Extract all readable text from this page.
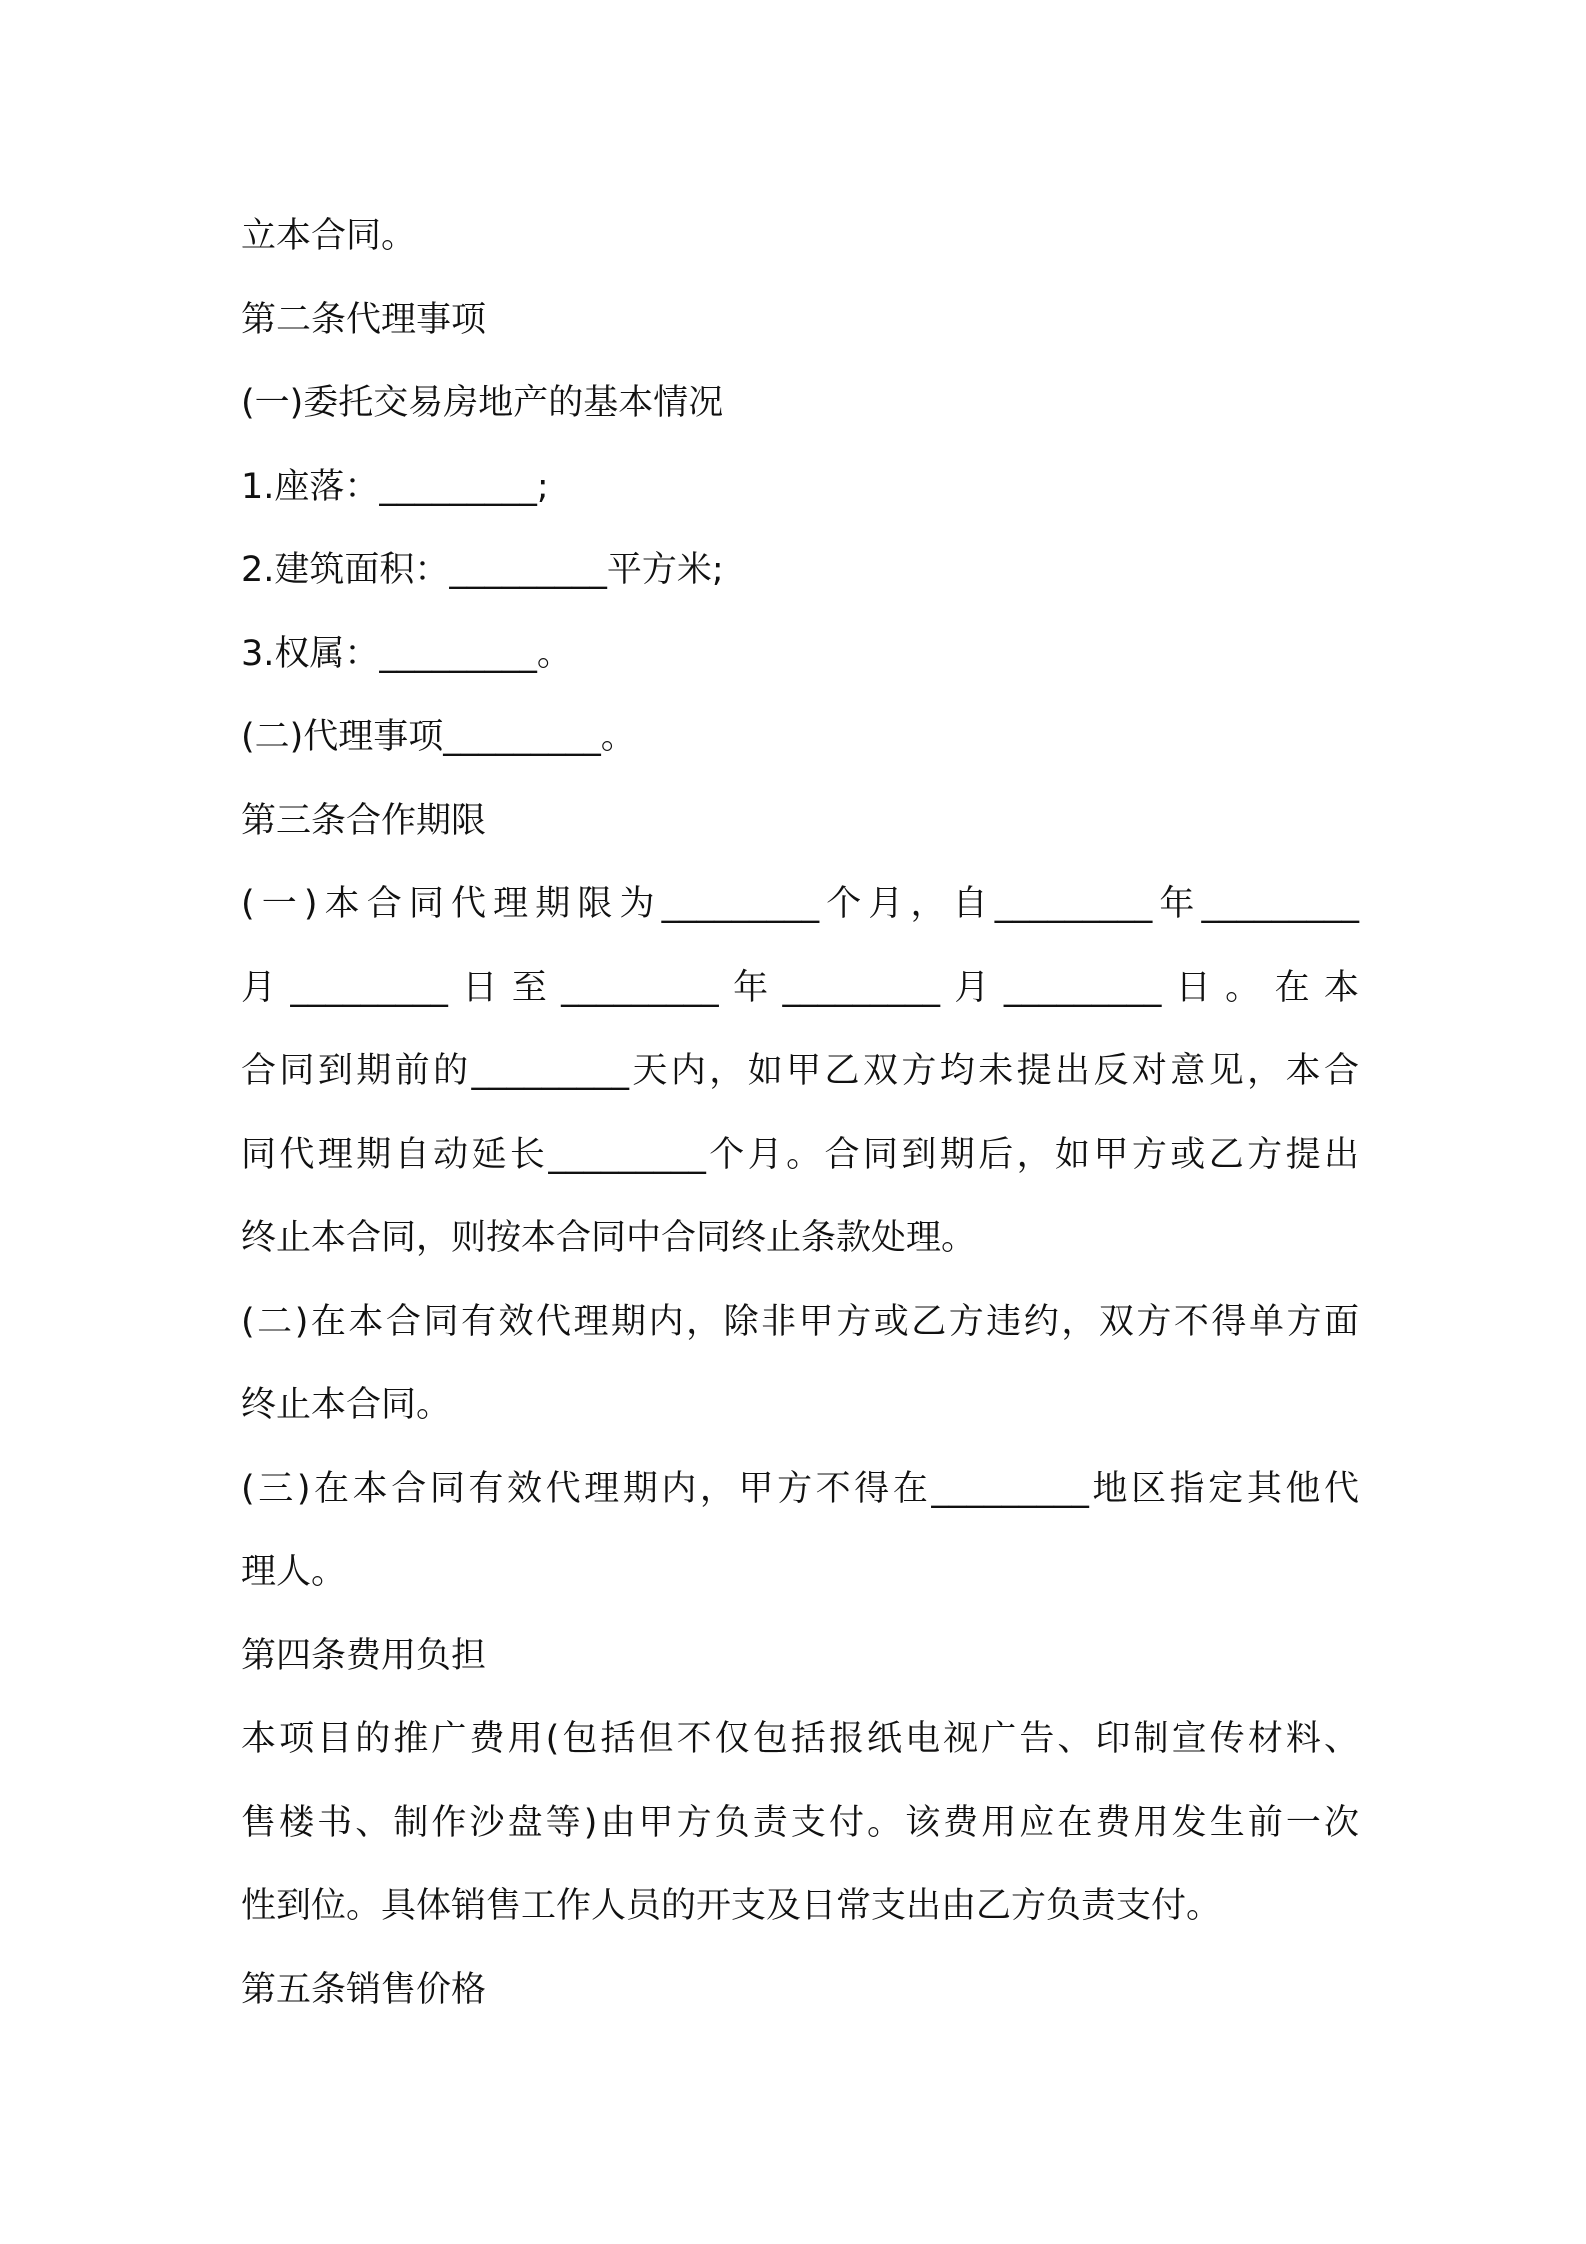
立本合同。
第二条代理事项
(一)委托交易房地产的基本情况
1.座落：_________;
2.建筑面积：_________平方米;
3.权属：_________。
(二)代理事项_________。
第三条合作期限
(一)本合同代理期限为_________个月，自_________年_________
月_________日至_________年_________月_________日。在本
合同到期前的_________天内，如甲乙双方均未提出反对意见，本合
同代理期自动延长_________个月。合同到期后，如甲方或乙方提出
终止本合同，则按本合同中合同终止条款处理。
(二)在本合同有效代理期内，除非甲方或乙方违约，双方不得单方面
终止本合同。
(三)在本合同有效代理期内，甲方不得在_________地区指定其他代
理人。
第四条费用负担
本项目的推广费用(包括但不仅包括报纸电视广告、印制宣传材料、
售楼书、制作沙盘等)由甲方负责支付。该费用应在费用发生前一次
性到位。具体销售工作人员的开支及日常支出由乙方负责支付。
第五条销售价格
